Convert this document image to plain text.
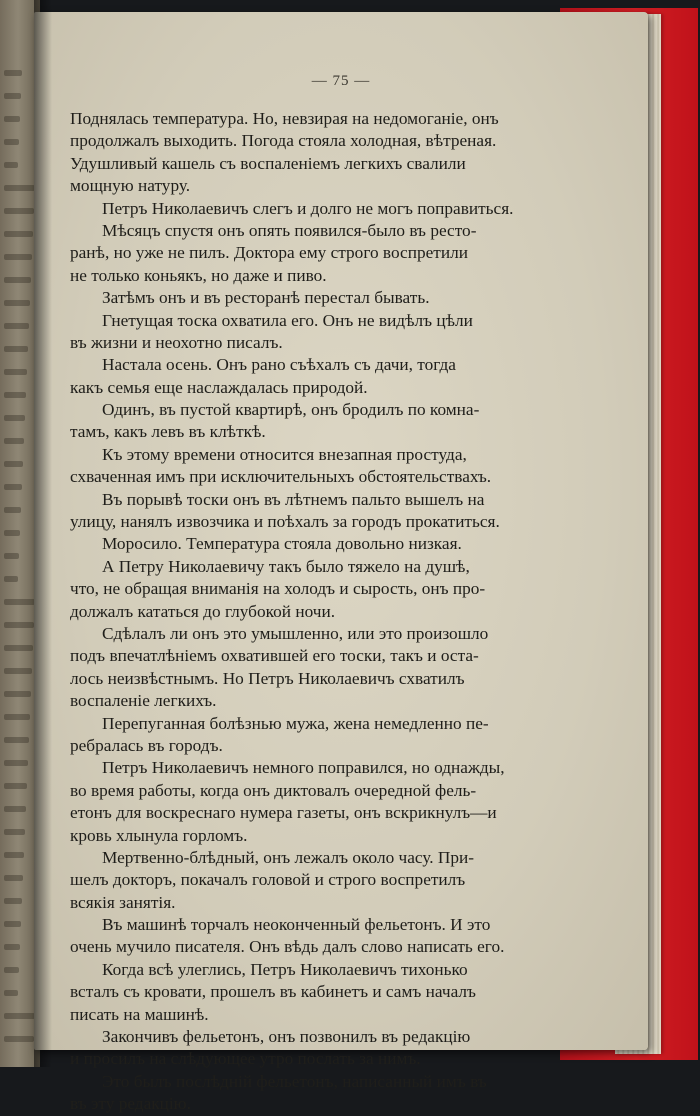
— 75 —
Поднялась температура. Но, невзирая на недомоганіе, онъ
продолжалъ выходить. Погода стояла холодная, вѣтреная.
Удушливый кашель съ воспаленіемъ легкихъ свалили
мощную натуру.
Петръ Николаевичъ слегъ и долго не могъ поправиться.
Мѣсяцъ спустя онъ опять появился-было въ ресто-
ранѣ, но уже не пилъ. Доктора ему строго воспретили
не только коньякъ, но даже и пиво.
Затѣмъ онъ и въ ресторанѣ перестал бывать.
Гнетущая тоска охватила его. Онъ не видѣлъ цѣли
въ жизни и неохотно писалъ.
Настала осень. Онъ рано съѣхалъ съ дачи, тогда
какъ семья еще наслаждалась природой.
Одинъ, въ пустой квартирѣ, онъ бродилъ по комна-
тамъ, какъ левъ въ клѣткѣ.
Къ этому времени относится внезапная простуда,
схваченная имъ при исключительныхъ обстоятельствахъ.
Въ порывѣ тоски онъ въ лѣтнемъ пальто вышелъ на
улицу, нанялъ извозчика и поѣхалъ за городъ прокатиться.
Моросило. Температура стояла довольно низкая.
А Петру Николаевичу такъ было тяжело на душѣ,
что, не обращая вниманія на холодъ и сырость, онъ про-
должалъ кататься до глубокой ночи.
Сдѣлалъ ли онъ это умышленно, или это произошло
подъ впечатлѣніемъ охватившей его тоски, такъ и оста-
лось неизвѣстнымъ. Но Петръ Николаевичъ схватилъ
воспаленіе легкихъ.
Перепуганная болѣзнью мужа, жена немедленно пе-
ребралась въ городъ.
Петръ Николаевичъ немного поправился, но однажды,
во время работы, когда онъ диктовалъ очередной фель-
етонъ для воскреснаго нумера газеты, онъ вскрикнулъ—и
кровь хлынула горломъ.
Мертвенно-блѣдный, онъ лежалъ около часу. При-
шелъ докторъ, покачалъ головой и строго воспретилъ
всякія занятія.
Въ машинѣ торчалъ неоконченный фельетонъ. И это
очень мучило писателя. Онъ вѣдь далъ слово написать его.
Когда всѣ улеглись, Петръ Николаевичъ тихонько
всталъ съ кровати, прошелъ въ кабинетъ и самъ началъ
писать на машинѣ.
Закончивъ фельетонъ, онъ позвонилъ въ редакцію
и просилъ на слѣдующее утро послать за нимъ.
Это былъ послѣдній фельетонъ, написанный имъ въ
въ эту редакцію.
